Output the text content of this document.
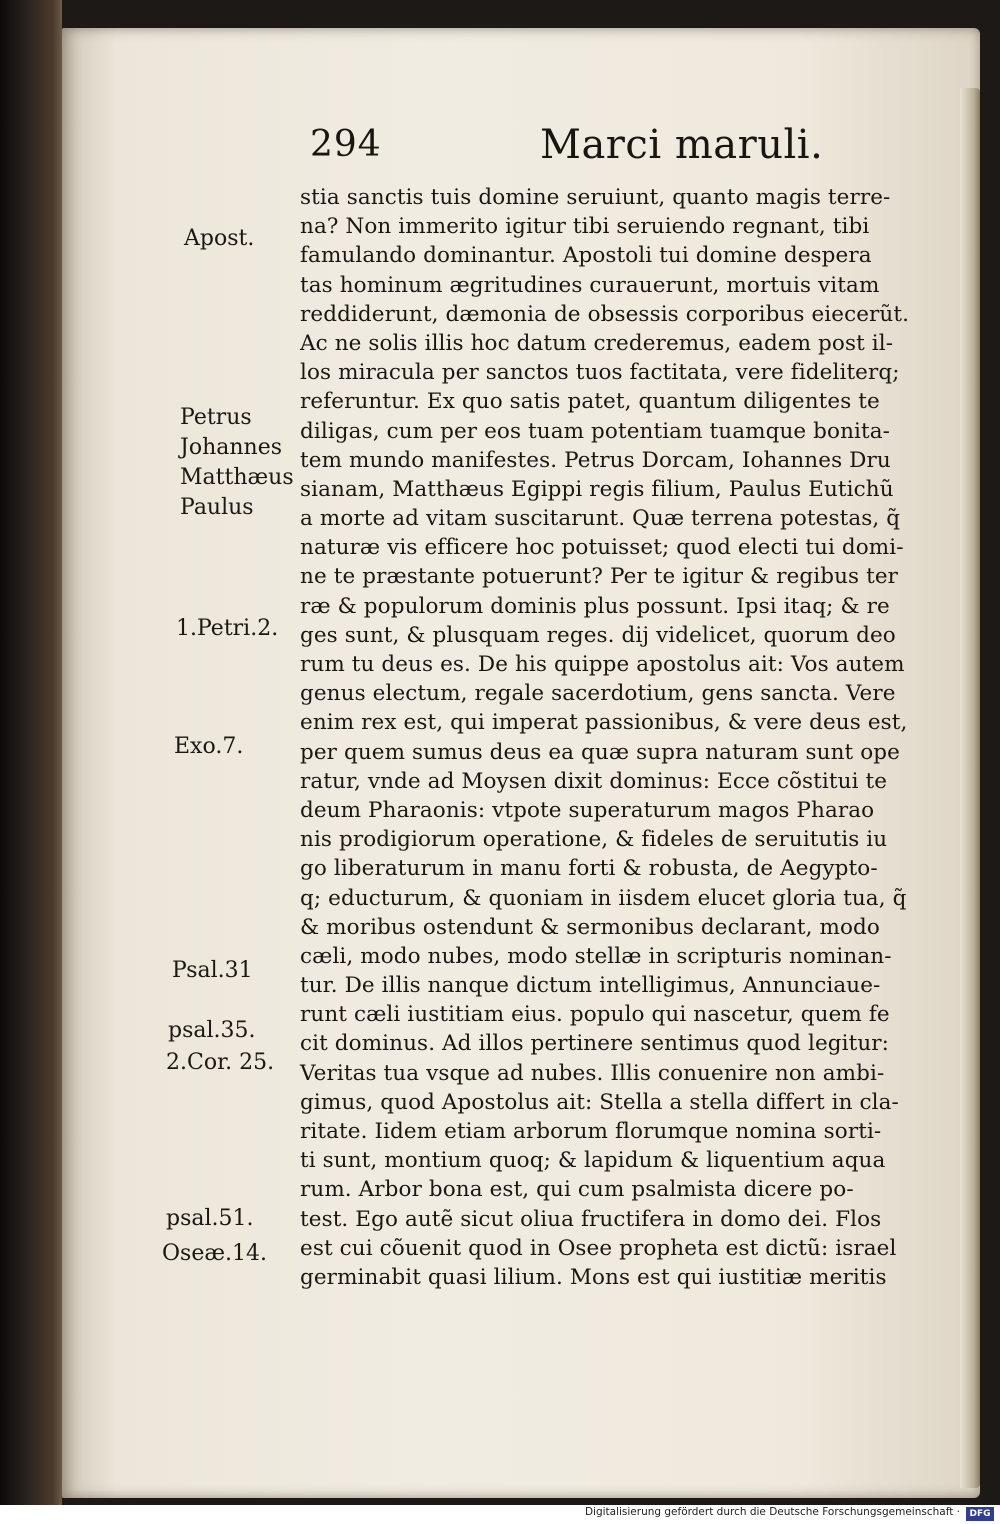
294	Marci maruli.
Apost.
Petrus
Johannes
Matthæus
Paulus
1.Petri.2.
Exo.7.
Psal.31
psal.35.
2.Cor. 25.
psal.51.
Oseæ.14.
stia sanctis tuis domine seruiunt, quanto magis terre-
na? Non immerito igitur tibi seruiendo regnant, tibi
famulando dominantur. Apostoli tui domine despera
tas hominum ægritudines curauerunt, mortuis vitam
reddiderunt, dæmonia de obsessis corporibus eiecerũt.
Ac ne solis illis hoc datum crederemus, eadem post il-
los miracula per sanctos tuos factitata, vere fideliterq;
referuntur. Ex quo satis patet, quantum diligentes te
diligas, cum per eos tuam potentiam tuamque bonita-
tem mundo manifestes. Petrus Dorcam, Iohannes Dru
sianam, Matthæus Egippi regis filium, Paulus Eutichũ
a morte ad vitam suscitarunt. Quæ terrena potestas, q̃
naturæ vis efficere hoc potuisset; quod electi tui domi-
ne te præstante potuerunt? Per te igitur & regibus ter
ræ & populorum dominis plus possunt. Ipsi itaq; & re
ges sunt, & plusquam reges. dij videlicet, quorum deo
rum tu deus es. De his quippe apostolus ait: Vos autem
genus electum, regale sacerdotium, gens sancta. Vere
enim rex est, qui imperat passionibus, & vere deus est,
per quem sumus deus ea quæ supra naturam sunt ope
ratur, vnde ad Moysen dixit dominus: Ecce cõstitui te
deum Pharaonis: vtpote superaturum magos Pharao
nis prodigiorum operatione, & fideles de seruitutis iu
go liberaturum in manu forti & robusta, de Aegypto-
q; educturum, & quoniam in iisdem elucet gloria tua, q̃
& moribus ostendunt & sermonibus declarant, modo
cæli, modo nubes, modo stellæ in scripturis nominan-
tur. De illis nanque dictum intelligimus, Annunciaue-
runt cæli iustitiam eius. populo qui nascetur, quem fe
cit dominus. Ad illos pertinere sentimus quod legitur:
Veritas tua vsque ad nubes. Illis conuenire non ambi-
gimus, quod Apostolus ait: Stella a stella differt in cla-
ritate. Iidem etiam arborum florumque nomina sorti-
ti sunt, montium quoq; & lapidum & liquentium aqua
rum. Arbor bona est, qui cum psalmista dicere po-
test. Ego autẽ sicut oliua fructifera in domo dei. Flos
est cui cõuenit quod in Osee propheta est dictũ: israel
germinabit quasi lilium. Mons est qui iustitiæ meritis
Digitalisierung gefördert durch die Deutsche Forschungsgemeinschaft ·	DFG
